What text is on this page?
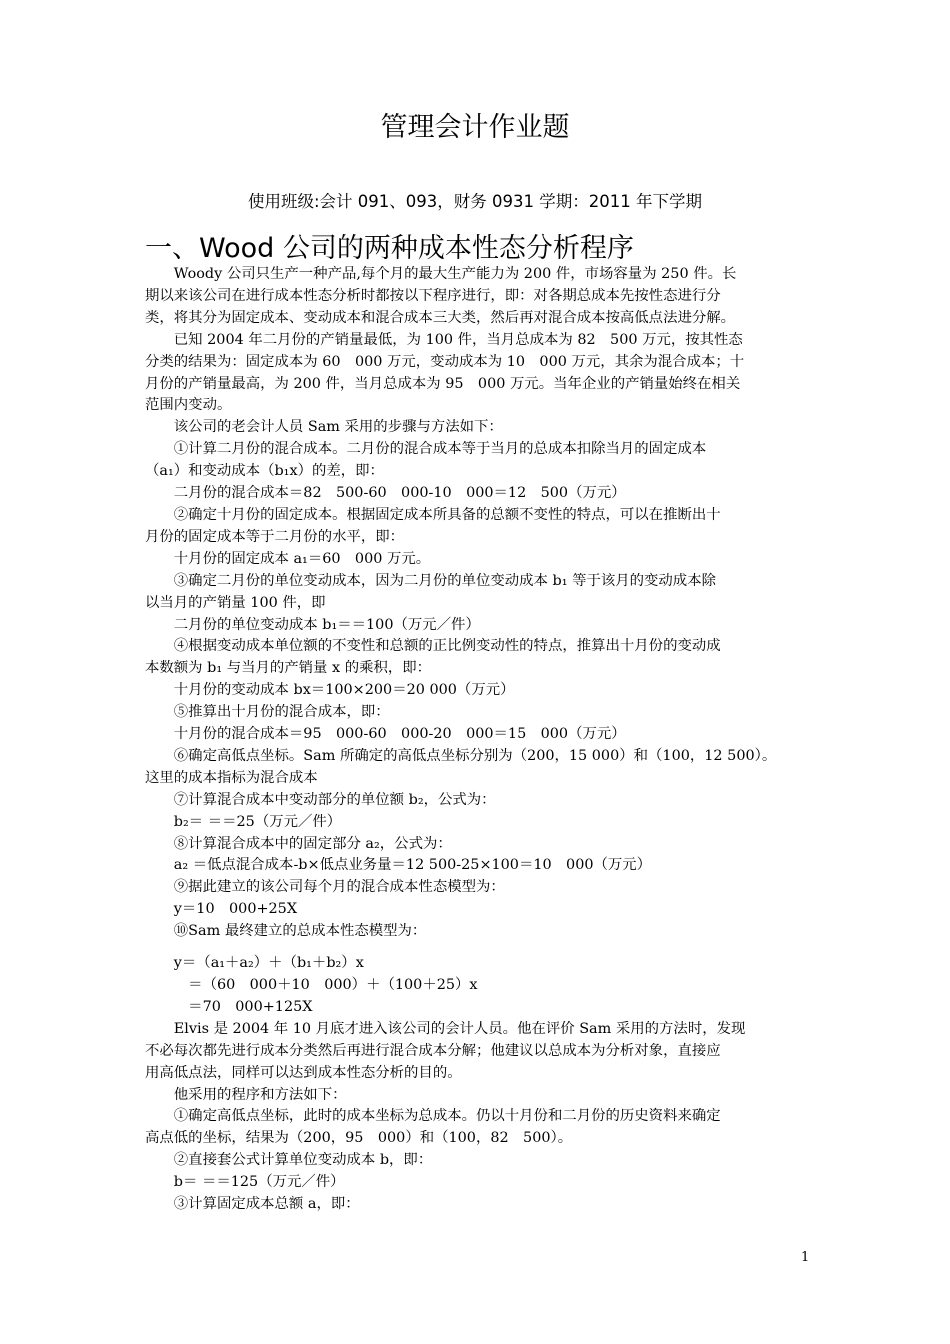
管理会计作业题
使用班级:会计 091、093，财务 0931 学期：2011 年下学期
一、Wood 公司的两种成本性态分析程序

　　Woody 公司只生产一种产品,每个月的最大生产能力为 200 件，市场容量为 250 件。长

期以来该公司在进行成本性态分析时都按以下程序进行，即：对各期总成本先按性态进行分

类，将其分为固定成本、变动成本和混合成本三大类，然后再对混合成本按高低点法进分解。

　　已知 2004 年二月份的产销量最低，为 100 件，当月总成本为 82　500 万元，按其性态

分类的结果为：固定成本为 60　000 万元，变动成本为 10　000 万元，其余为混合成本；十

月份的产销量最高，为 200 件，当月总成本为 95　000 万元。当年企业的产销量始终在相关

范围内变动。

　　该公司的老会计人员 Sam 采用的步骤与方法如下：

　　①计算二月份的混合成本。二月份的混合成本等于当月的总成本扣除当月的固定成本

（a₁）和变动成本（b₁x）的差，即：

　　二月份的混合成本＝82　500-60　000-10　000＝12　500（万元）

　　②确定十月份的固定成本。根据固定成本所具备的总额不变性的特点，可以在推断出十

月份的固定成本等于二月份的水平，即：

　　十月份的固定成本 a₁＝60　000 万元。

　　③确定二月份的单位变动成本，因为二月份的单位变动成本 b₁ 等于该月的变动成本除

以当月的产销量 100 件，即

　　二月份的单位变动成本 b₁＝＝100（万元／件）

　　④根据变动成本单位额的不变性和总额的正比例变动性的特点，推算出十月份的变动成

本数额为 b₁ 与当月的产销量 x 的乘积，即：

　　十月份的变动成本 bx＝100×200＝20 000（万元）

　　⑤推算出十月份的混合成本，即：

　　十月份的混合成本＝95　000-60　000-20　000＝15　000（万元）

　　⑥确定高低点坐标。Sam 所确定的高低点坐标分别为（200，15 000）和（100，12 500）。

这里的成本指标为混合成本

　　⑦计算混合成本中变动部分的单位额 b₂，公式为：

　　b₂＝ ＝＝25（万元／件）

　　⑧计算混合成本中的固定部分 a₂，公式为：

　　a₂ ＝低点混合成本-b×低点业务量＝12 500-25×100＝10　000（万元）

　　⑨据此建立的该公司每个月的混合成本性态模型为：

　　y＝10　000+25X

　　⑩Sam 最终建立的总成本性态模型为：

　　y＝（a₁＋a₂）＋（b₁＋b₂）x

　　　＝（60　000＋10　000）＋（100＋25）x

　　　＝70　000+125X

　　Elvis 是 2004 年 10 月底才进入该公司的会计人员。他在评价 Sam 采用的方法时，发现

不必每次都先进行成本分类然后再进行混合成本分解；他建议以总成本为分析对象，直接应

用高低点法，同样可以达到成本性态分析的目的。

　　他采用的程序和方法如下：

　　①确定高低点坐标，此时的成本坐标为总成本。仍以十月份和二月份的历史资料来确定

高点低的坐标，结果为（200，95　000）和（100，82　500）。

　　②直接套公式计算单位变动成本 b，即：

　　b＝ ＝＝125（万元／件）

　　③计算固定成本总额 a，即：

1
